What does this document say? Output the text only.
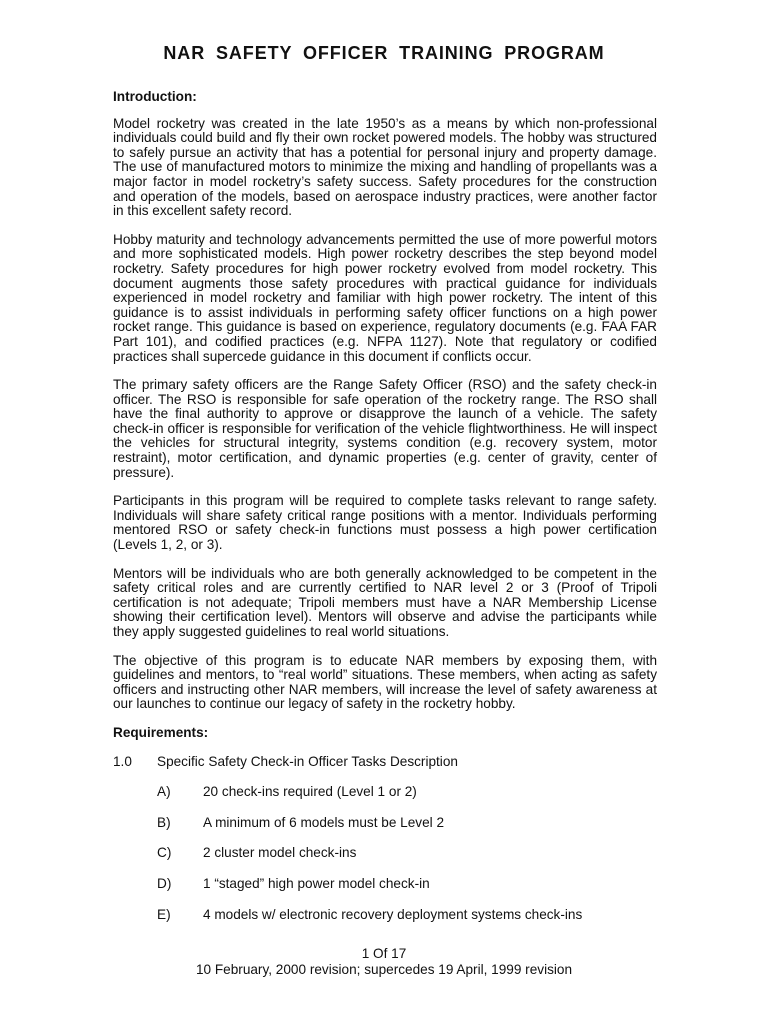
NAR SAFETY OFFICER TRAINING PROGRAM
Introduction:

Model rocketry was created in the late 1950’s as a means by which non-professional individuals could build and fly their own rocket powered models. The hobby was structured to safely pursue an activity that has a potential for personal injury and property damage. The use of manufactured motors to minimize the mixing and handling of propellants was a major factor in model rocketry’s safety success. Safety procedures for the construction and operation of the models, based on aerospace industry practices, were another factor in this excellent safety record.

Hobby maturity and technology advancements permitted the use of more powerful motors and more sophisticated models. High power rocketry describes the step beyond model rocketry. Safety procedures for high power rocketry evolved from model rocketry. This document augments those safety procedures with practical guidance for individuals experienced in model rocketry and familiar with high power rocketry. The intent of this guidance is to assist individuals in performing safety officer functions on a high power rocket range. This guidance is based on experience, regulatory documents (e.g. FAA FAR Part 101), and codified practices (e.g. NFPA 1127). Note that regulatory or codified practices shall supercede guidance in this document if conflicts occur.

The primary safety officers are the Range Safety Officer (RSO) and the safety check-in officer. The RSO is responsible for safe operation of the rocketry range. The RSO shall have the final authority to approve or disapprove the launch of a vehicle. The safety check-in officer is responsible for verification of the vehicle flightworthiness. He will inspect the vehicles for structural integrity, systems condition (e.g. recovery system, motor restraint), motor certification, and dynamic properties (e.g. center of gravity, center of pressure).

Participants in this program will be required to complete tasks relevant to range safety. Individuals will share safety critical range positions with a mentor. Individuals performing mentored RSO or safety check-in functions must possess a high power certification (Levels 1, 2, or 3).

Mentors will be individuals who are both generally acknowledged to be competent in the safety critical roles and are currently certified to NAR level 2 or 3 (Proof of Tripoli certification is not adequate; Tripoli members must have a NAR Membership License showing their certification level). Mentors will observe and advise the participants while they apply suggested guidelines to real world situations.

The objective of this program is to educate NAR members by exposing them, with guidelines and mentors, to “real world” situations. These members, when acting as safety officers and instructing other NAR members, will increase the level of safety awareness at our launches to continue our legacy of safety in the rocketry hobby.

Requirements:
1.0	Specific Safety Check-in Officer Tasks Description
A)	20 check-ins required (Level 1 or 2)
B)	A minimum of 6 models must be Level 2
C)	2 cluster model check-ins
D)	1 “staged” high power model check-in
E)	4 models w/ electronic recovery deployment systems check-ins
1 Of 17
10 February, 2000 revision; supercedes 19 April, 1999 revision
